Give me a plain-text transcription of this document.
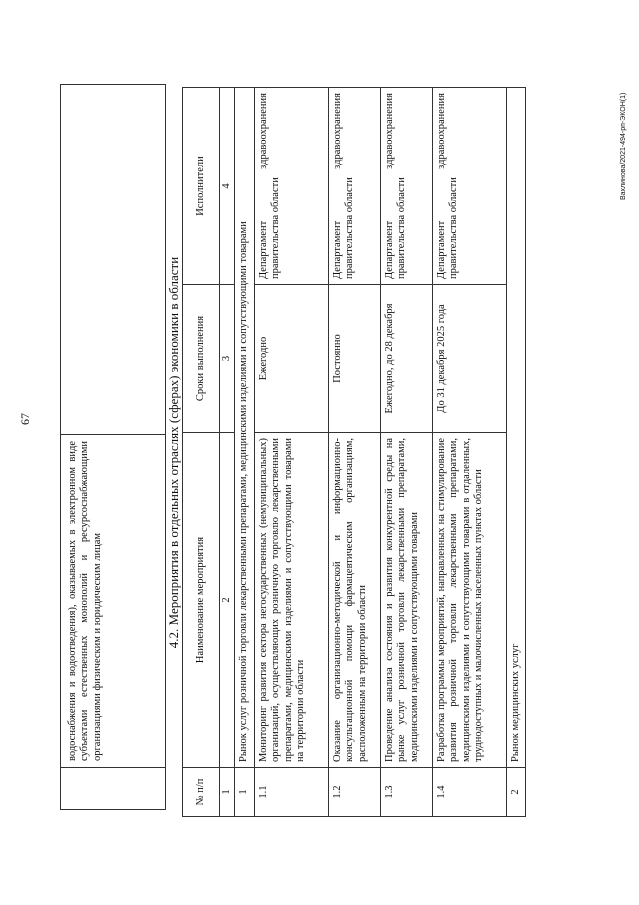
67
Вахлинова/2021-494-рп-ЭКОН(1)
	водоснабжения и водоотведения), оказываемых в электронном виде субъектами естественных монополий и ресурсоснабжающими организациями физическим и юридическим лицам		4.2. Мероприятия в отдельных отраслях (сферах) экономики в области
№ п/п	Наименование мероприятия	Сроки выполнения	Исполнители
1	2	3	4
1	Рынок услуг розничной торговли лекарственными препаратами, медицинскими изделиями и сопутствующими товарами		
1.1	Мониторинг развития сектора негосударственных (немуниципальных) организаций, осуществляющих розничную торговлю лекарственными препаратами, медицинскими изделиями и сопутствующими товарами на территории области	Ежегодно	Департамент здравоохранения правительства области
1.2	Оказание организационно-методической и информационно-консультационной помощи фармацевтическим организациям, расположенным на территории области	Постоянно	Департамент здравоохранения правительства области
1.3	Проведение анализа состояния и развития конкурентной среды на рынке услуг розничной торговли лекарственными препаратами, медицинскими изделиями и сопутствующими товарами	Ежегодно, до 28 декабря	Департамент здравоохранения правительства области
1.4	Разработка программы мероприятий, направленных на стимулирование развития розничной торговли лекарственными препаратами, медицинскими изделиями и сопутствующими товарами в отдаленных, труднодоступных и малочисленных населенных пунктах области	До 31 декабря 2025 года	Департамент здравоохранения правительства области
2	Рынок медицинских услуг		
